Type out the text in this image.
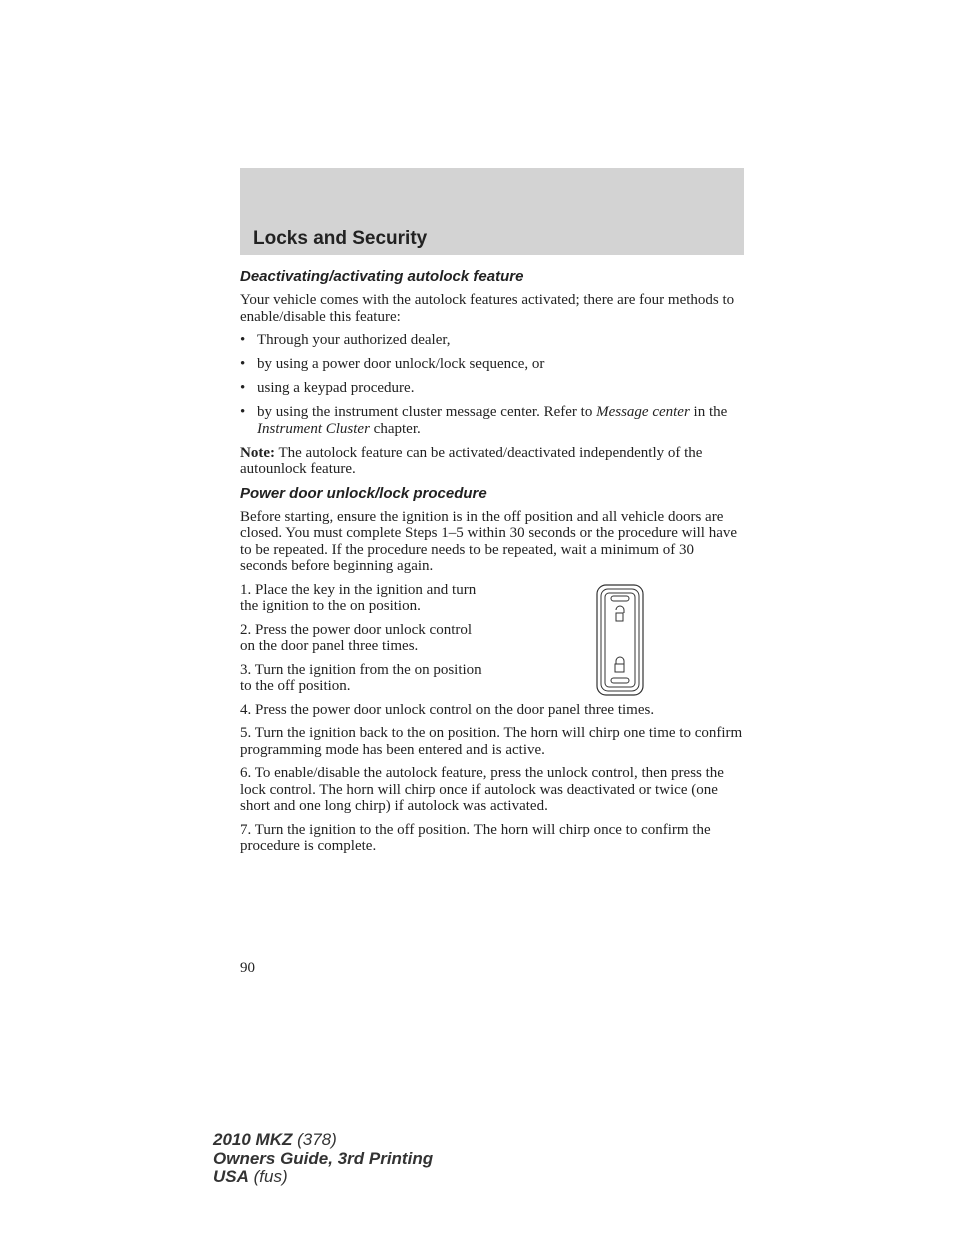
Locks and Security
Deactivating/activating autolock feature

Your vehicle comes with the autolock features activated; there are four methods to enable/disable this feature:

• Through your authorized dealer,
• by using a power door unlock/lock sequence, or
• using a keypad procedure.
• by using the instrument cluster message center. Refer to Message center in the Instrument Cluster chapter.

Note: The autolock feature can be activated/deactivated independently of the autounlock feature.

Power door unlock/lock procedure

Before starting, ensure the ignition is in the off position and all vehicle doors are closed. You must complete Steps 1–5 within 30 seconds or the procedure will have to be repeated. If the procedure needs to be repeated, wait a minimum of 30 seconds before beginning again.

1. Place the key in the ignition and turn the ignition to the on position.

2. Press the power door unlock control on the door panel three times.

3. Turn the ignition from the on position to the off position.

4. Press the power door unlock control on the door panel three times.

5. Turn the ignition back to the on position. The horn will chirp one time to confirm programming mode has been entered and is active.

6. To enable/disable the autolock feature, press the unlock control, then press the lock control. The horn will chirp once if autolock was deactivated or twice (one short and one long chirp) if autolock was activated.

7. Turn the ignition to the off position. The horn will chirp once to confirm the procedure is complete.

90
2010 MKZ (378)
Owners Guide, 3rd Printing
USA (fus)
